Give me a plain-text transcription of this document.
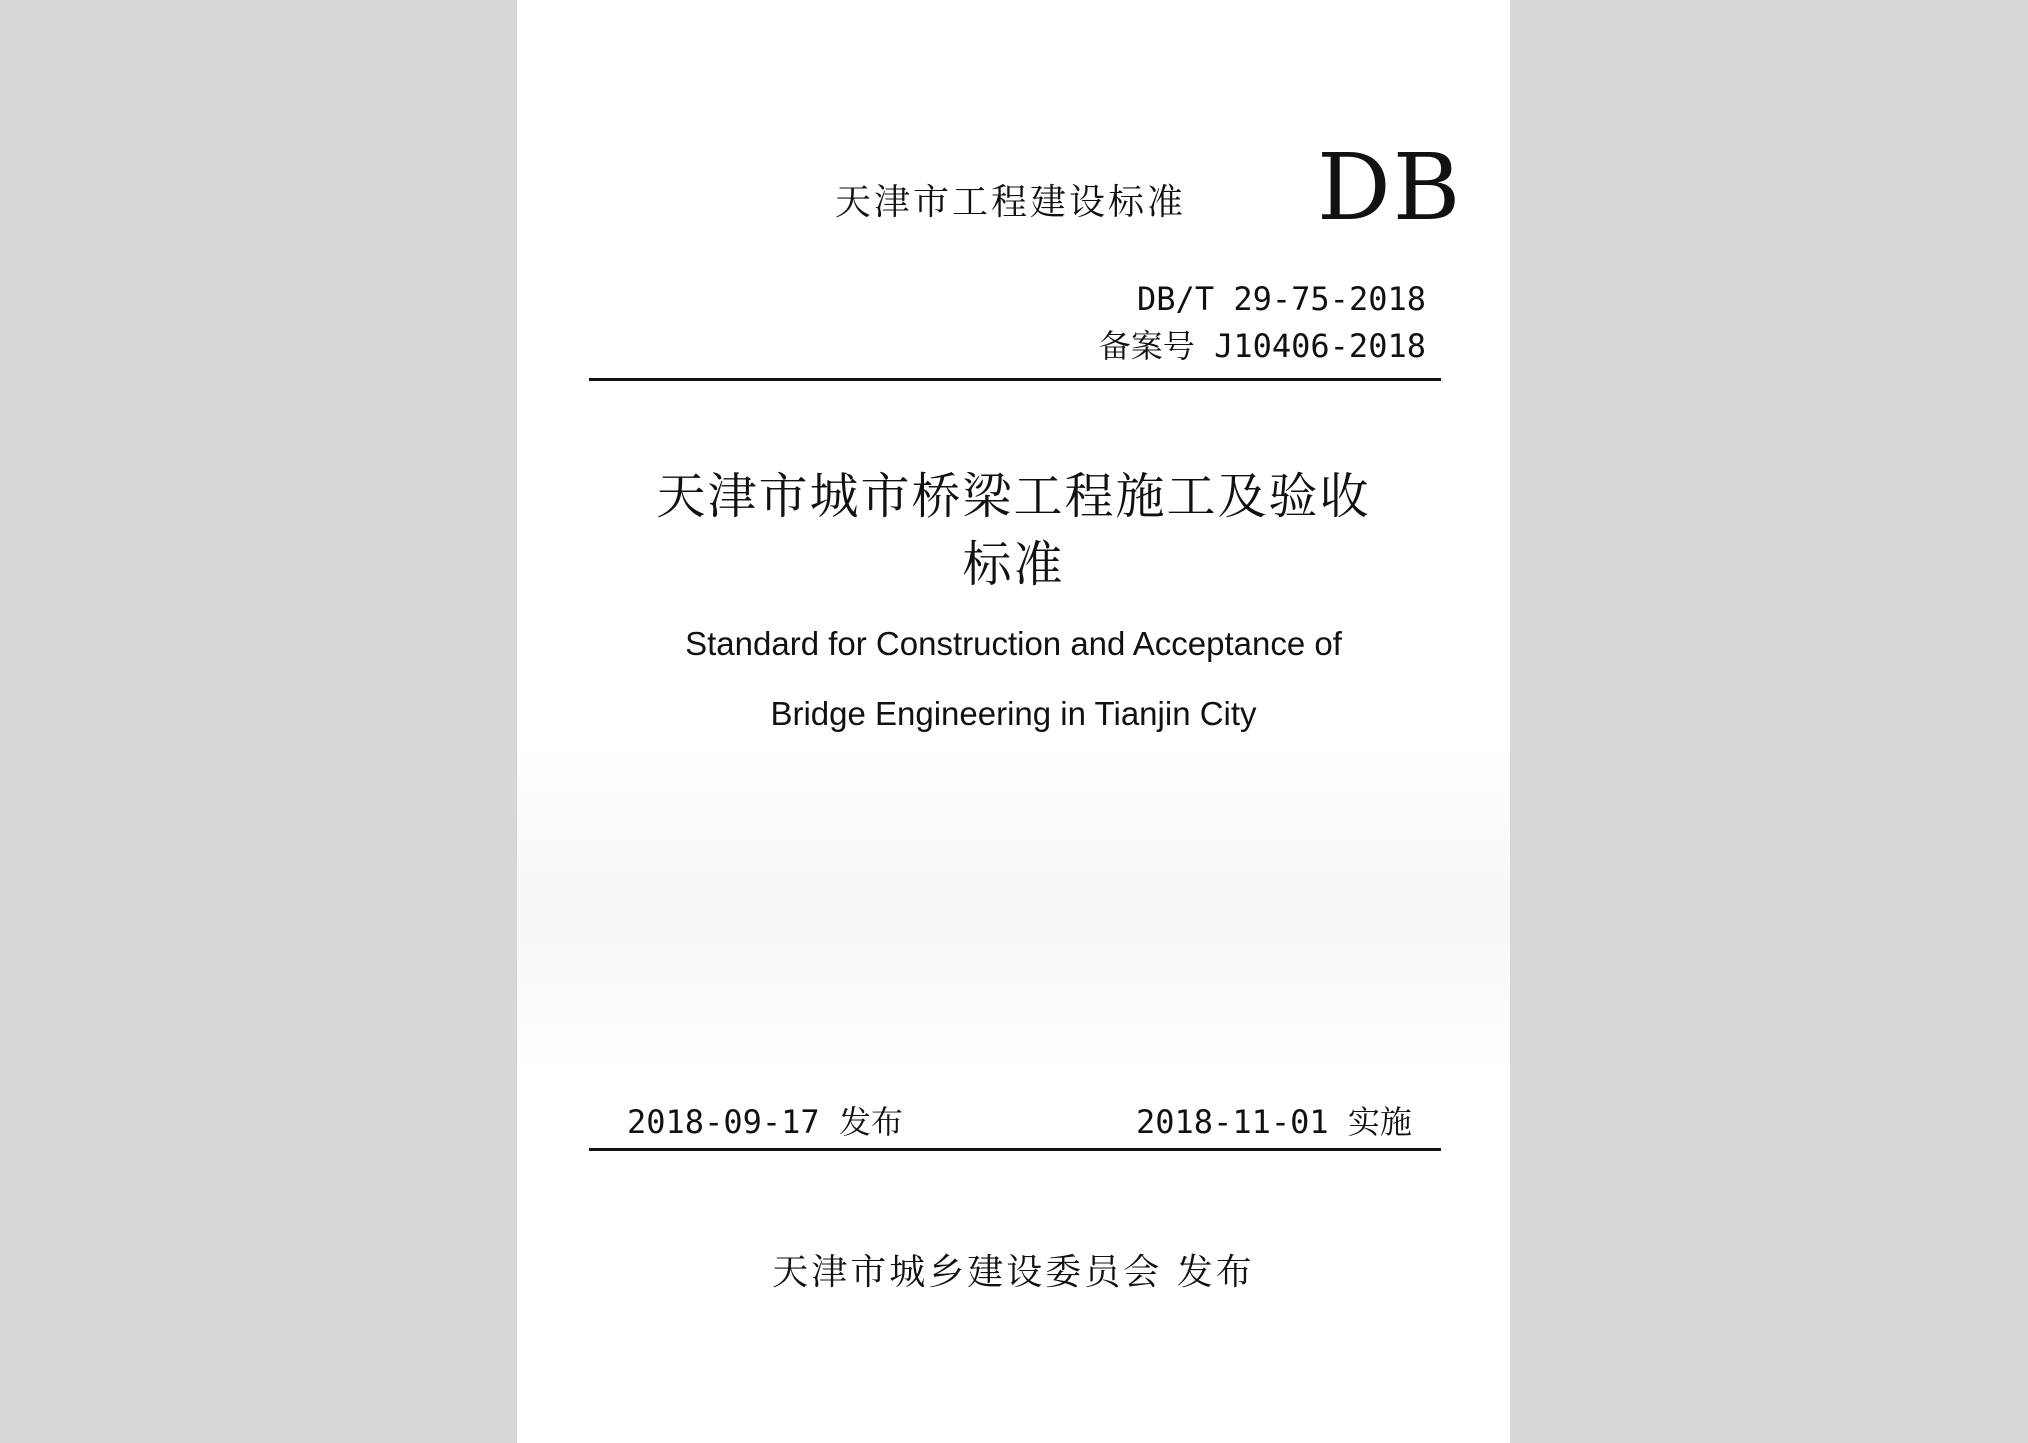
天津市工程建设标准 DB
DB/T 29-75-2018
备案号 J10406-2018
天津市城市桥梁工程施工及验收
标准
Standard for Construction and Acceptance of
Bridge Engineering in Tianjin City
2018-09-17 发布	2018-11-01 实施
天津市城乡建设委员会 发布
